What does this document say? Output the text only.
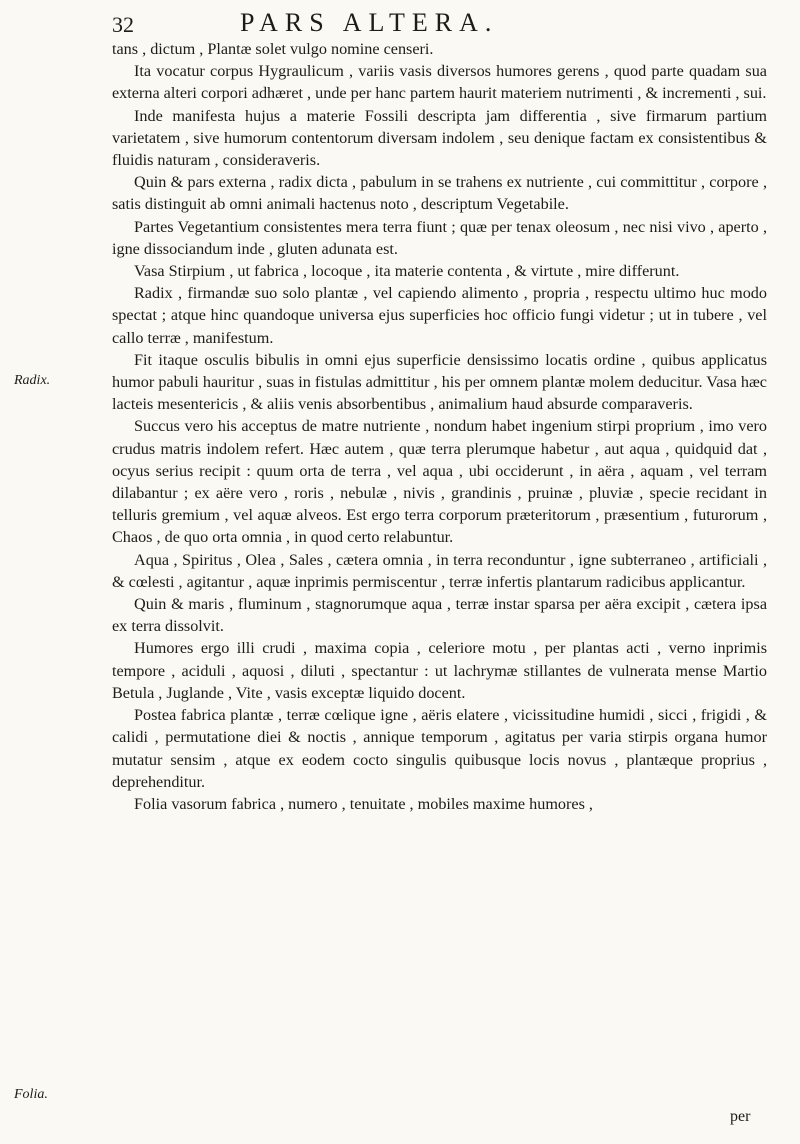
32	PARS ALTERA.
Radix.
Folia.

tans , dictum , Plantæ solet vulgo nomine censeri.

Ita vocatur corpus Hygraulicum , variis vasis diversos humores gerens , quod parte quadam sua externa alteri corpori adhæret , unde per hanc partem haurit materiem nutrimenti , & incrementi , sui.

Inde manifesta hujus a materie Fossili descripta jam differentia , sive firmarum partium varietatem , sive humorum contentorum diversam indolem , seu denique factam ex consistentibus & fluidis naturam , consideraveris.

Quin & pars externa , radix dicta , pabulum in se trahens ex nutriente , cui committitur , corpore , satis distinguit ab omni animali hactenus noto , descriptum Vegetabile.

Partes Vegetantium consistentes mera terra fiunt ; quæ per tenax oleosum , nec nisi vivo , aperto , igne dissociandum inde , gluten adunata est.

Vasa Stirpium , ut fabrica , locoque , ita materie contenta , & virtute , mire differunt.

Radix , firmandæ suo solo plantæ , vel capiendo alimento , propria , respectu ultimo huc modo spectat ; atque hinc quandoque universa ejus superficies hoc officio fungi videtur ; ut in tubere , vel callo terræ , manifestum.

Fit itaque osculis bibulis in omni ejus superficie densissimo locatis ordine , quibus applicatus humor pabuli hauritur , suas in fistulas admittitur , his per omnem plantæ molem deducitur. Vasa hæc lacteis mesentericis , & aliis venis absorbentibus , animalium haud absurde comparaveris.

Succus vero his acceptus de matre nutriente , nondum habet ingenium stirpi proprium , imo vero crudus matris indolem refert. Hæc autem , quæ terra plerumque habetur , aut aqua , quidquid dat , ocyus serius recipit : quum orta de terra , vel aqua , ubi occiderunt , in aëra , aquam , vel terram dilabantur ; ex aëre vero , roris , nebulæ , nivis , grandinis , pruinæ , pluviæ , specie recidant in telluris gremium , vel aquæ alveos. Est ergo terra corporum præteritorum , præsentium , futurorum , Chaos , de quo orta omnia , in quod certo relabuntur.

Aqua , Spiritus , Olea , Sales , cætera omnia , in terra reconduntur , igne subterraneo , artificiali , & cœlesti , agitantur , aquæ inprimis permiscentur , terræ infertis plantarum radicibus applicantur.

Quin & maris , fluminum , stagnorumque aqua , terræ instar sparsa per aëra excipit , cætera ipsa ex terra dissolvit.

Humores ergo illi crudi , maxima copia , celeriore motu , per plantas acti , verno inprimis tempore , aciduli , aquosi , diluti , spectantur : ut lachrymæ stillantes de vulnerata mense Martio Betula , Juglande , Vite , vasis exceptæ liquido docent.

Postea fabrica plantæ , terræ cœlique igne , aëris elatere , vicissitudine humidi , sicci , frigidi , & calidi , permutatione diei & noctis , annique temporum , agitatus per varia stirpis organa humor mutatur sensim , atque ex eodem cocto singulis quibusque locis novus , plantæque proprius , deprehenditur.

Folia vasorum fabrica , numero , tenuitate , mobiles maxime humores ,

per
